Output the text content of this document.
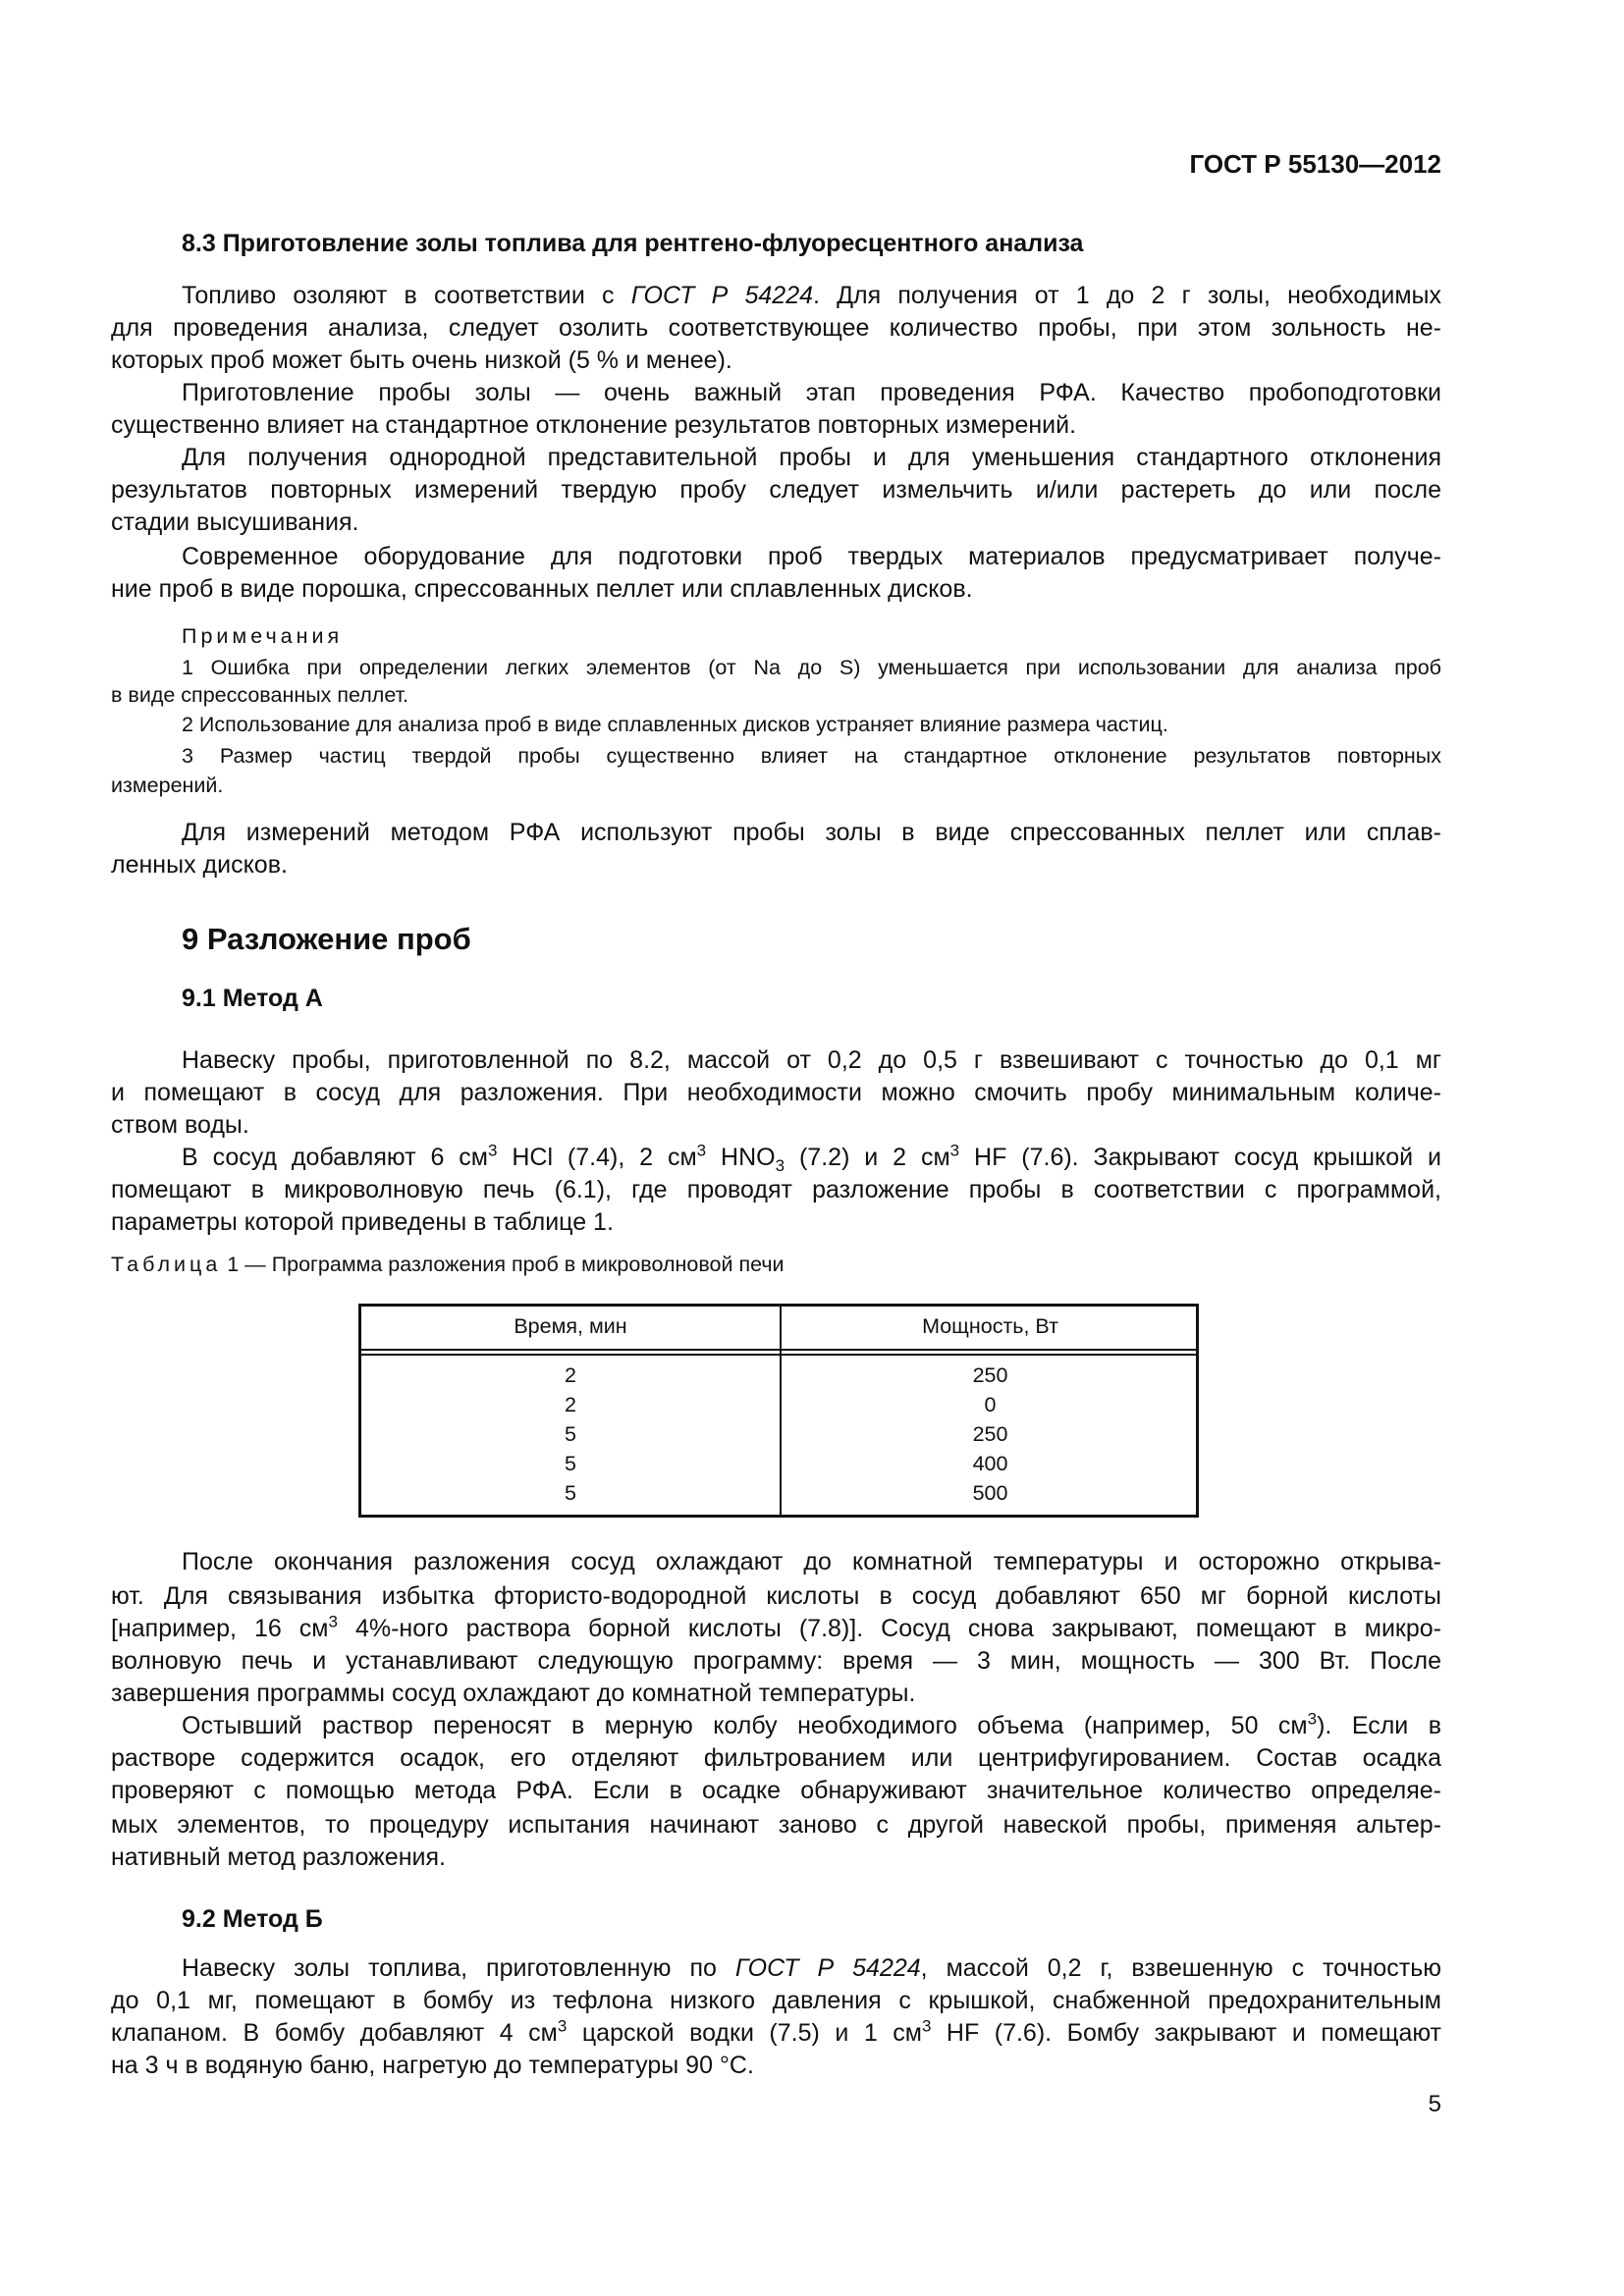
ГОСТ Р 55130—2012
8.3 Приготовление золы топлива для рентгено-флуоресцентного анализа
Топливо озоляют в соответствии с ГОСТ Р 54224. Для получения от 1 до 2 г золы, необходимых
для проведения анализа, следует озолить соответствующее количество пробы, при этом зольность не-
которых проб может быть очень низкой (5 % и менее).
Приготовление пробы золы — очень важный этап проведения РФА. Качество пробоподготовки
существенно влияет на стандартное отклонение результатов повторных измерений.
Для получения однородной представительной пробы и для уменьшения стандартного отклонения
результатов повторных измерений твердую пробу следует измельчить и/или растереть до или после
стадии высушивания.
Современное оборудование для подготовки проб твердых материалов предусматривает получе-
ние проб в виде порошка, спрессованных пеллет или сплавленных дисков.
Примечания
1 Ошибка при определении легких элементов (от Na до S) уменьшается при использовании для анализа проб
в виде спрессованных пеллет.
2 Использование для анализа проб в виде сплавленных дисков устраняет влияние размера частиц.
3 Размер частиц твердой пробы существенно влияет на стандартное отклонение результатов повторных
измерений.
Для измерений методом РФА используют пробы золы в виде спрессованных пеллет или сплав-
ленных дисков.
9 Разложение проб
9.1 Метод А
Навеску пробы, приготовленной по 8.2, массой от 0,2 до 0,5 г взвешивают с точностью до 0,1 мг
и помещают в сосуд для разложения. При необходимости можно смочить пробу минимальным количе-
ством воды.
В сосуд добавляют 6 $см^3$ HCl (7.4), 2 $см^3$ $HNO_3$ (7.2) и 2 $см^3$ HF (7.6). Закрывают сосуд крышкой и
помещают в микроволновую печь (6.1), где проводят разложение пробы в соответствии с программой,
параметры которой приведены в таблице 1.
После окончания разложения сосуд охлаждают до комнатной температуры и осторожно открыва-
ют. Для связывания избытка фтористо-водородной кислоты в сосуд добавляют 650 мг борной кислоты
[например, 16 $см^3$ 4%-ного раствора борной кислоты (7.8)]. Сосуд снова закрывают, помещают в микро-
волновую печь и устанавливают следующую программу: время — 3 мин, мощность — 300 Вт. После
завершения программы сосуд охлаждают до комнатной температуры.
Остывший раствор переносят в мерную колбу необходимого объема (например, 50 $см^3$). Если в
растворе содержится осадок, его отделяют фильтрованием или центрифугированием. Состав осадка
проверяют с помощью метода РФА. Если в осадке обнаруживают значительное количество определяе-
мых элементов, то процедуру испытания начинают заново с другой навеской пробы, применяя альтер-
нативный метод разложения.
9.2 Метод Б
Навеску золы топлива, приготовленную по ГОСТ Р 54224, массой 0,2 г, взвешенную с точностью
до 0,1 мг, помещают в бомбу из тефлона низкого давления с крышкой, снабженной предохранительным
клапаном. В бомбу добавляют 4 $см^3$ царской водки (7.5) и 1 $см^3$ HF (7.6). Бомбу закрывают и помещают
на 3 ч в водяную баню, нагретую до температуры 90 °C.
Таблица 1 — Программа разложения проб в микроволновой печи
Время, мин	Мощность, Вт
2	250
2	0
5	250
5	400
5	500
5
